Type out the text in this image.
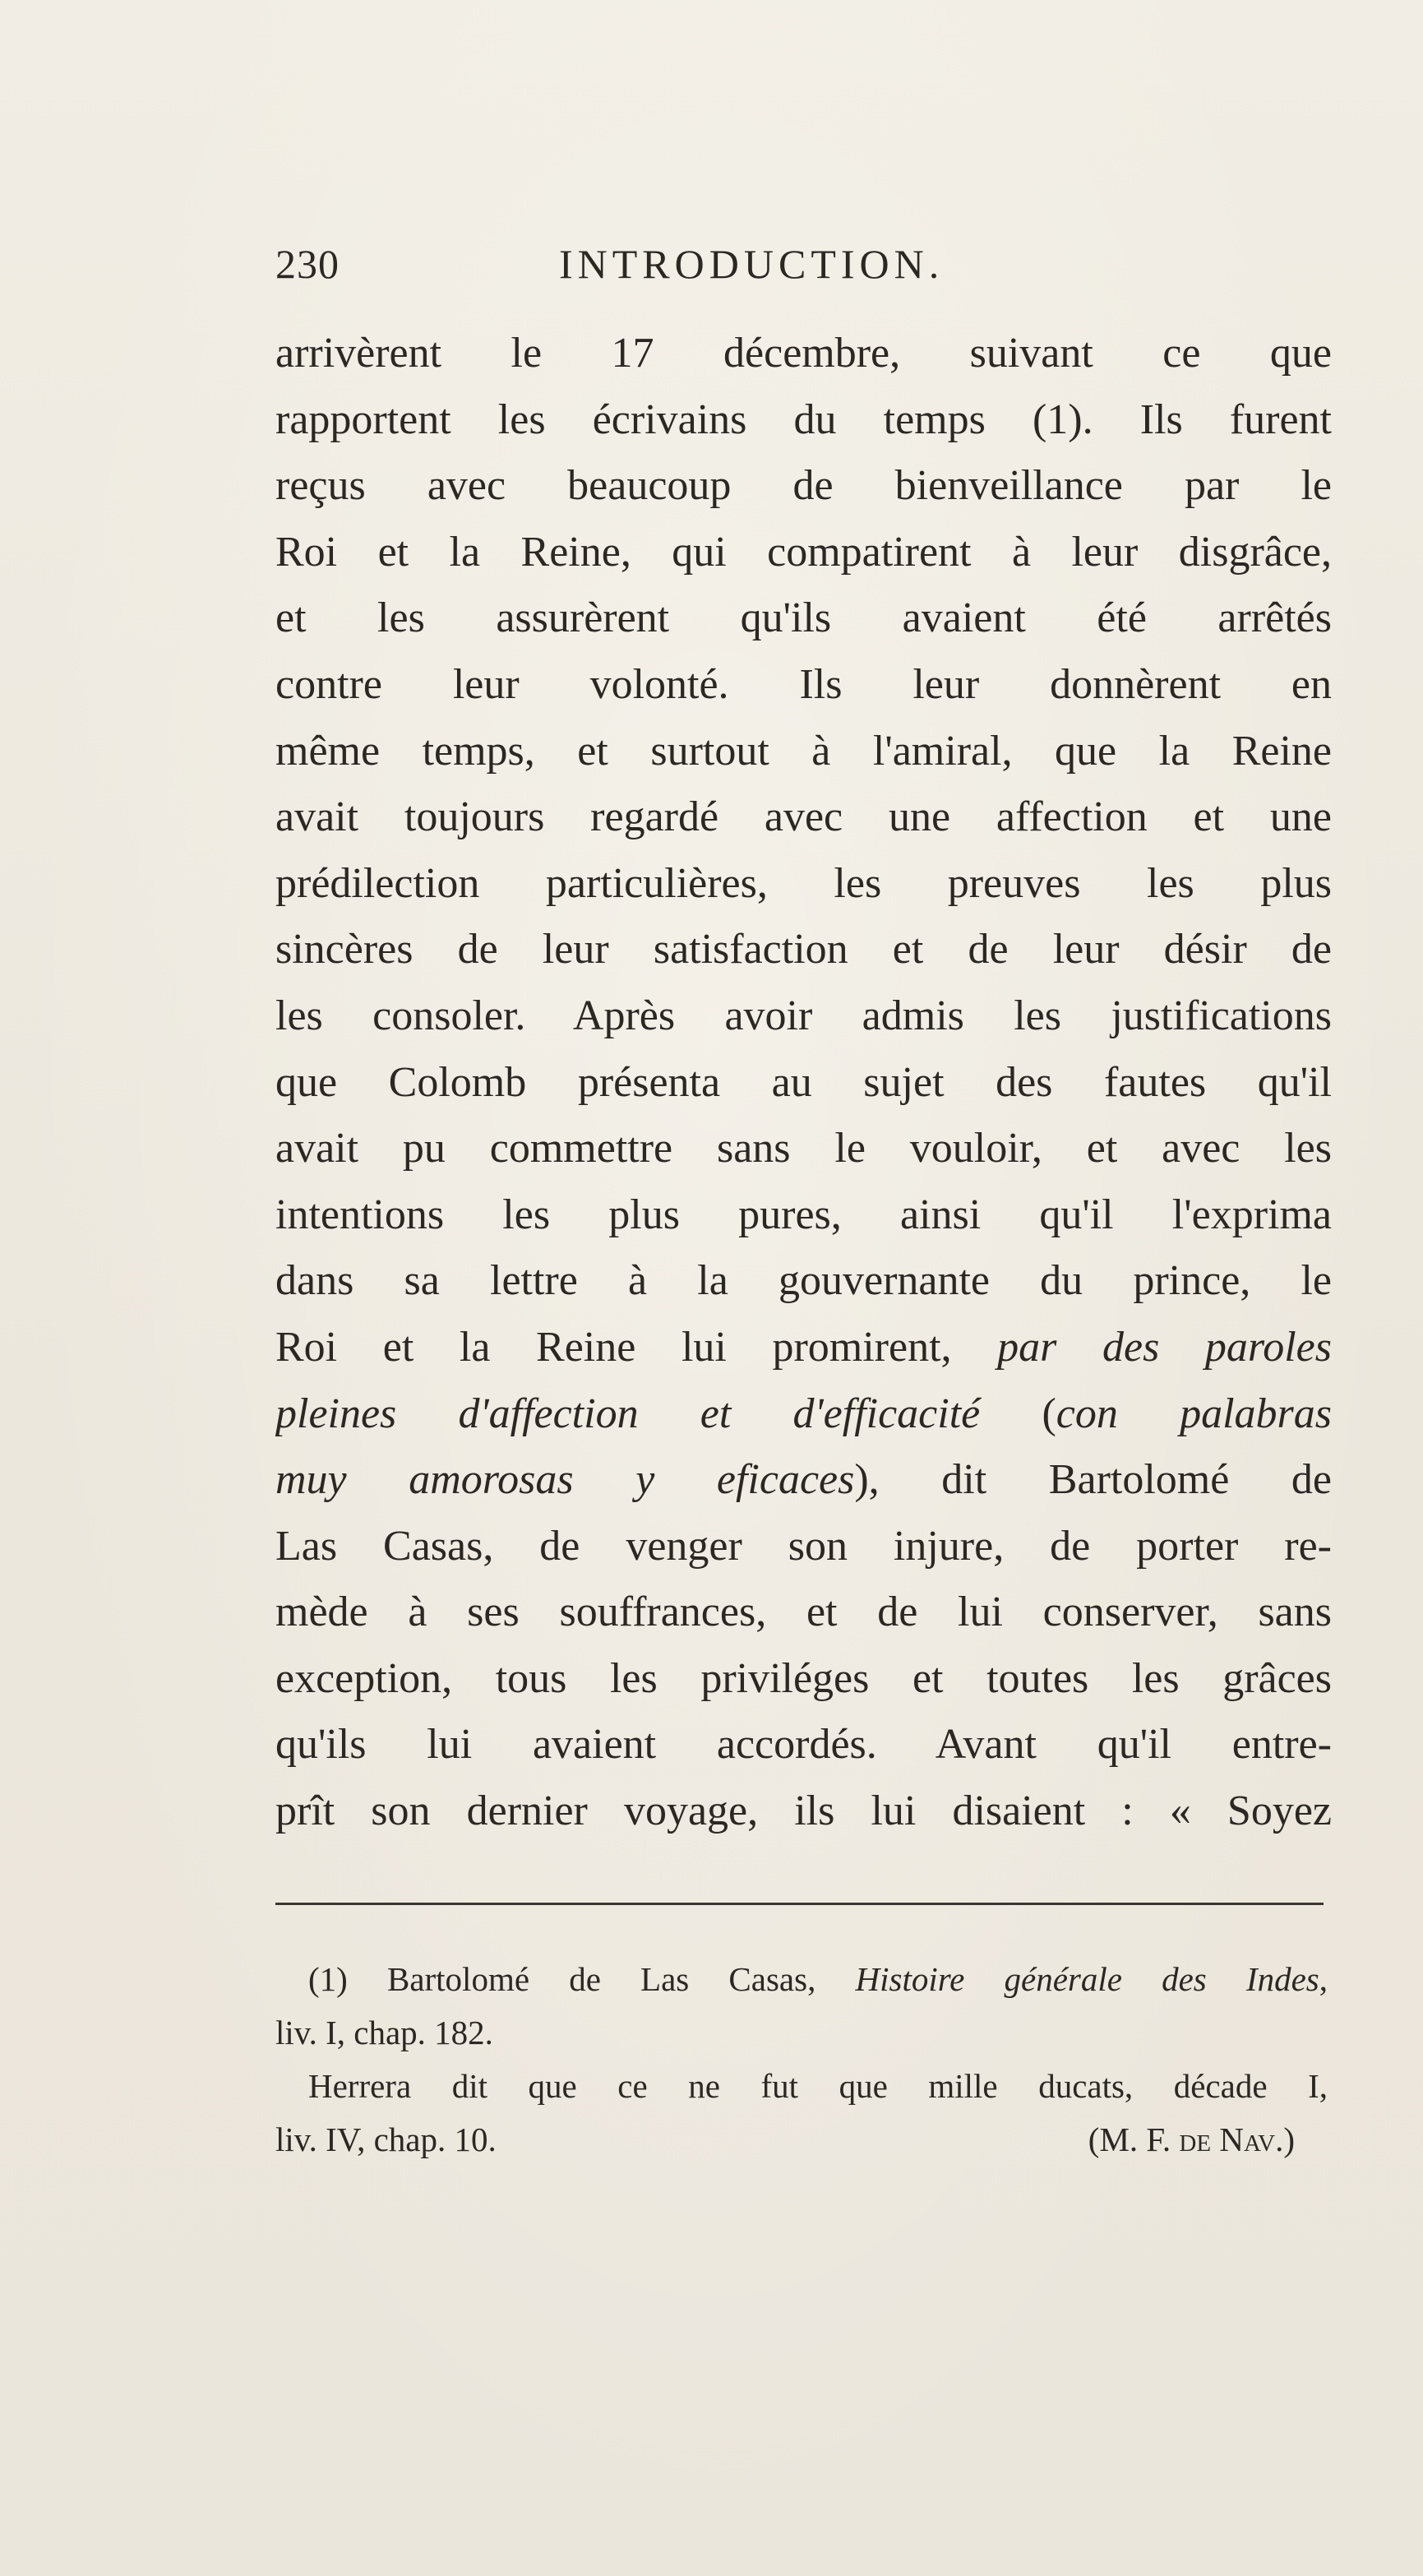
230	INTRODUCTION.
arrivèrent le 17 décembre, suivant ce que
rapportent les écrivains du temps (1). Ils furent
reçus avec beaucoup de bienveillance par le
Roi et la Reine, qui compatirent à leur disgrâce,
et les assurèrent qu'ils avaient été arrêtés
contre leur volonté. Ils leur donnèrent en
même temps, et surtout à l'amiral, que la Reine
avait toujours regardé avec une affection et une
prédilection particulières, les preuves les plus
sincères de leur satisfaction et de leur désir de
les consoler. Après avoir admis les justifications
que Colomb présenta au sujet des fautes qu'il
avait pu commettre sans le vouloir, et avec les
intentions les plus pures, ainsi qu'il l'exprima
dans sa lettre à la gouvernante du prince, le
Roi et la Reine lui promirent, par des paroles
pleines d'affection et d'efficacité (con palabras
muy amorosas y eficaces), dit Bartolomé de
Las Casas, de venger son injure, de porter re-
mède à ses souffrances, et de lui conserver, sans
exception, tous les priviléges et toutes les grâces
qu'ils lui avaient accordés. Avant qu'il entre-
prît son dernier voyage, ils lui disaient : « Soyez
(1) Bartolomé de Las Casas, Histoire générale des Indes,
liv. I, chap. 182.
Herrera dit que ce ne fut que mille ducats, décade I,
liv. IV, chap. 10.	(M. F. de Nav.)
